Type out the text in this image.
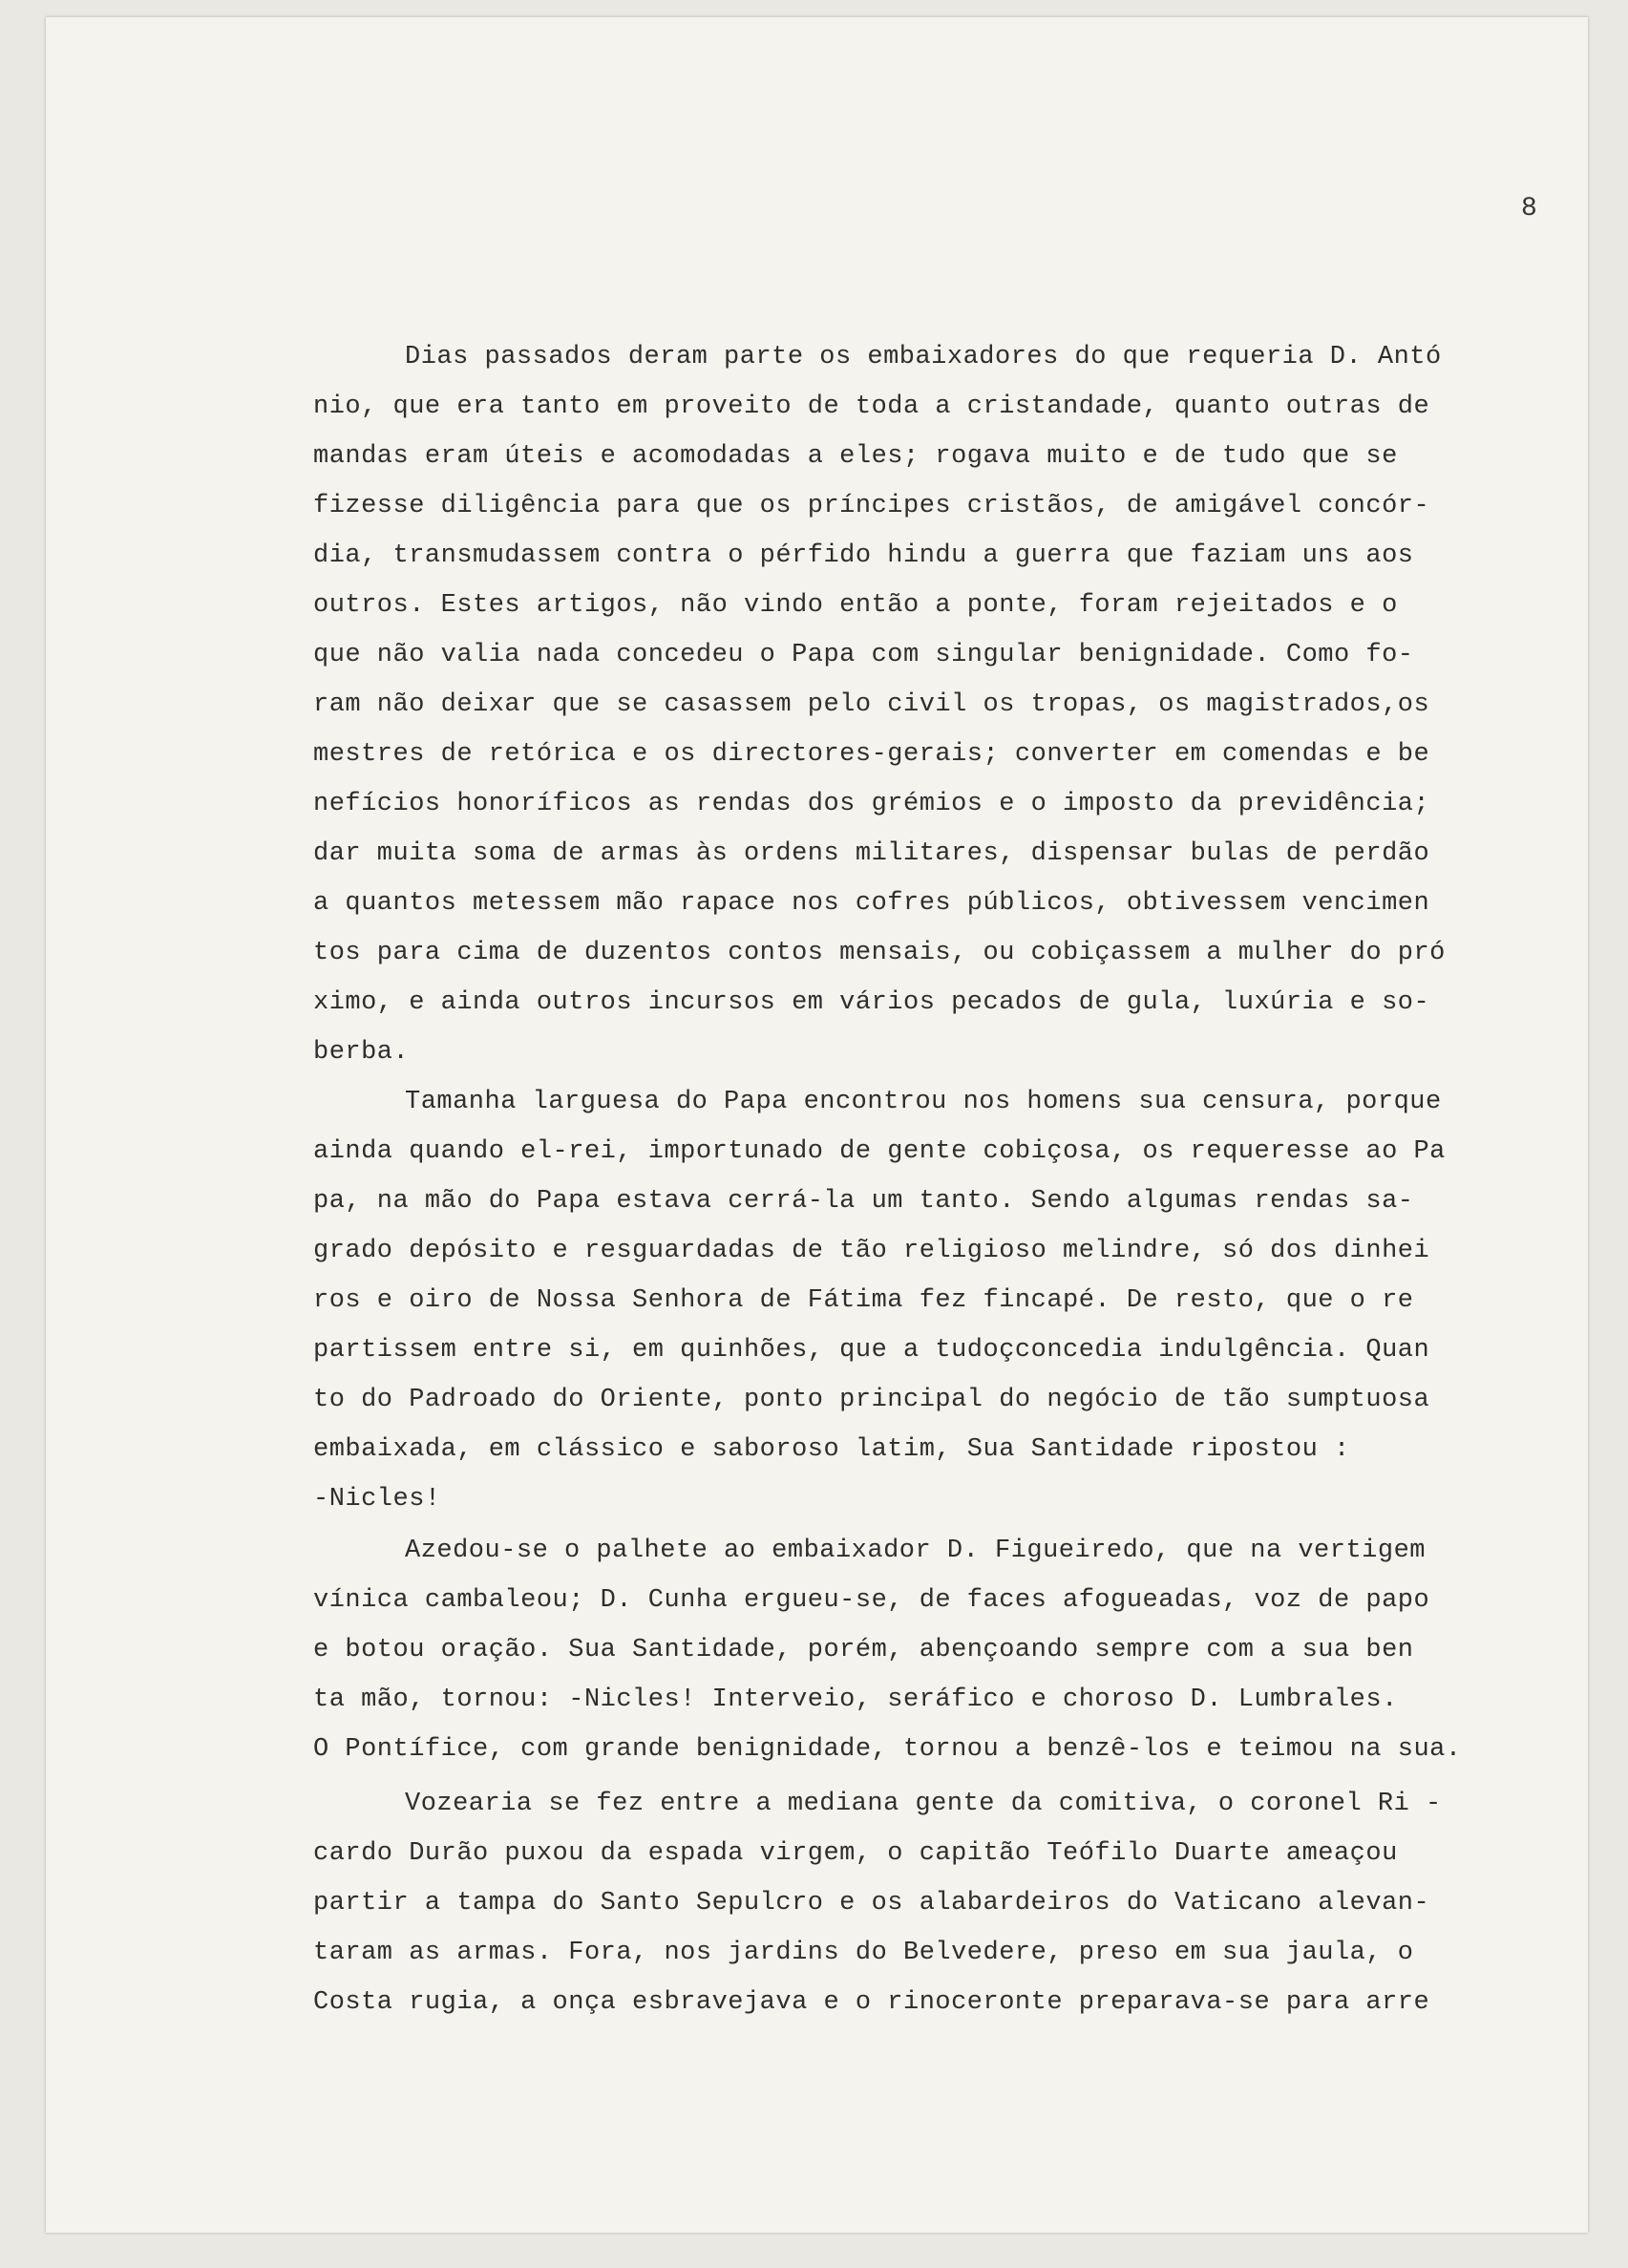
8
Dias passados deram parte os embaixadores do que requeria D. Antó
nio, que era tanto em proveito de toda a cristandade, quanto outras de
mandas eram úteis e acomodadas a eles; rogava muito e de tudo que se
fizesse diligência para que os príncipes cristãos, de amigável concór-
dia, transmudassem contra o pérfido hindu a guerra que faziam uns aos
outros. Estes artigos, não vindo então a ponte, foram rejeitados e o
que não valia nada concedeu o Papa com singular benignidade. Como fo-
ram não deixar que se casassem pelo civil os tropas, os magistrados,os
mestres de retórica e os directores-gerais; converter em comendas e be
nefícios honoríficos as rendas dos grémios e o imposto da previdência;
dar muita soma de armas às ordens militares, dispensar bulas de perdão
a quantos metessem mão rapace nos cofres públicos, obtivessem vencimen
tos para cima de duzentos contos mensais, ou cobiçassem a mulher do pró
ximo, e ainda outros incursos em vários pecados de gula, luxúria e so-
berba.
Tamanha larguesa do Papa encontrou nos homens sua censura, porque
ainda quando el-rei, importunado de gente cobiçosa, os requeresse ao Pa
pa, na mão do Papa estava cerrá-la um tanto. Sendo algumas rendas sa-
grado depósito e resguardadas de tão religioso melindre, só dos dinhei
ros e oiro de Nossa Senhora de Fátima fez fincapé. De resto, que o re
partissem entre si, em quinhões, que a tudoçconcedia indulgência. Quan
to do Padroado do Oriente, ponto principal do negócio de tão sumptuosa
embaixada, em clássico e saboroso latim, Sua Santidade ripostou :
-Nicles!
Azedou-se o palhete ao embaixador D. Figueiredo, que na vertigem
vínica cambaleou; D. Cunha ergueu-se, de faces afogueadas, voz de papo
e botou oração. Sua Santidade, porém, abençoando sempre com a sua ben
ta mão, tornou: -Nicles! Interveio, seráfico e choroso D. Lumbrales.
O Pontífice, com grande benignidade, tornou a benzê-los e teimou na sua.
Vozearia se fez entre a mediana gente da comitiva, o coronel Ri -
cardo Durão puxou da espada virgem, o capitão Teófilo Duarte ameaçou
partir a tampa do Santo Sepulcro e os alabardeiros do Vaticano alevan-
taram as armas. Fora, nos jardins do Belvedere, preso em sua jaula, o
Costa rugia, a onça esbravejava e o rinoceronte preparava-se para arre
